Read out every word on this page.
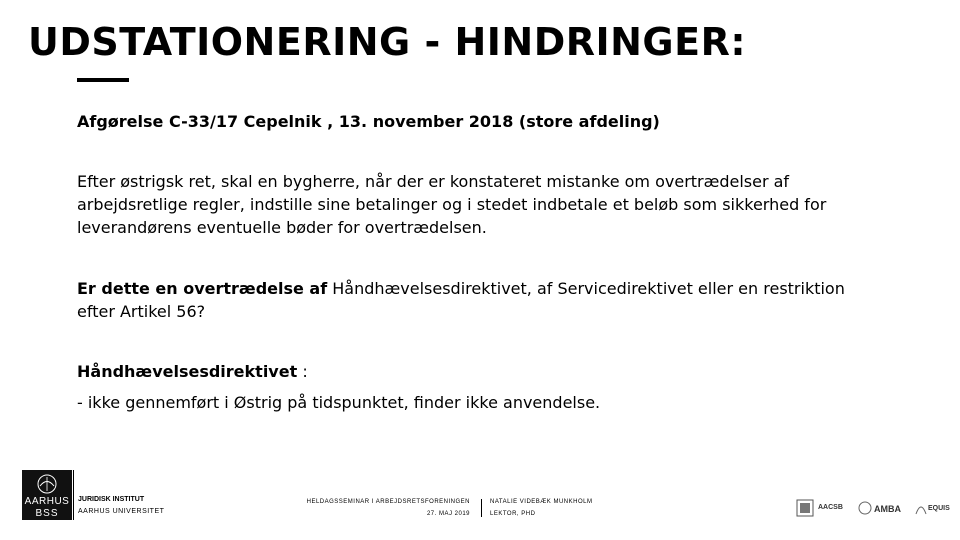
UDSTATIONERING - HINDRINGER:
Afgørelse C-33/17 Cepelnik , 13. november 2018 (store afdeling)
Efter østrigsk ret, skal en bygherre, når der er konstateret mistanke om overtrædelser af arbejdsretlige regler, indstille sine betalinger og i stedet indbetale et beløb som sikkerhed for leverandørens eventuelle bøder for overtrædelsen.
Er dette en overtrædelse af Håndhævelsesdirektivet, af Servicedirektivet eller en restriktion efter Artikel 56?
Håndhævelsesdirektivet :
- ikke gennemført i Østrig på tidspunktet, finder ikke anvendelse.
AARHUS
BSS
JURIDISK INSTITUT
AARHUS UNIVERSITET
HELDAGSSEMINAR I ARBEJDSRETSFORENINGEN
27. MAJ 2019
NATALIE VIDEBÆK MUNKHOLM
LEKTOR, PHD
AACSB	AMBA	EQUIS
